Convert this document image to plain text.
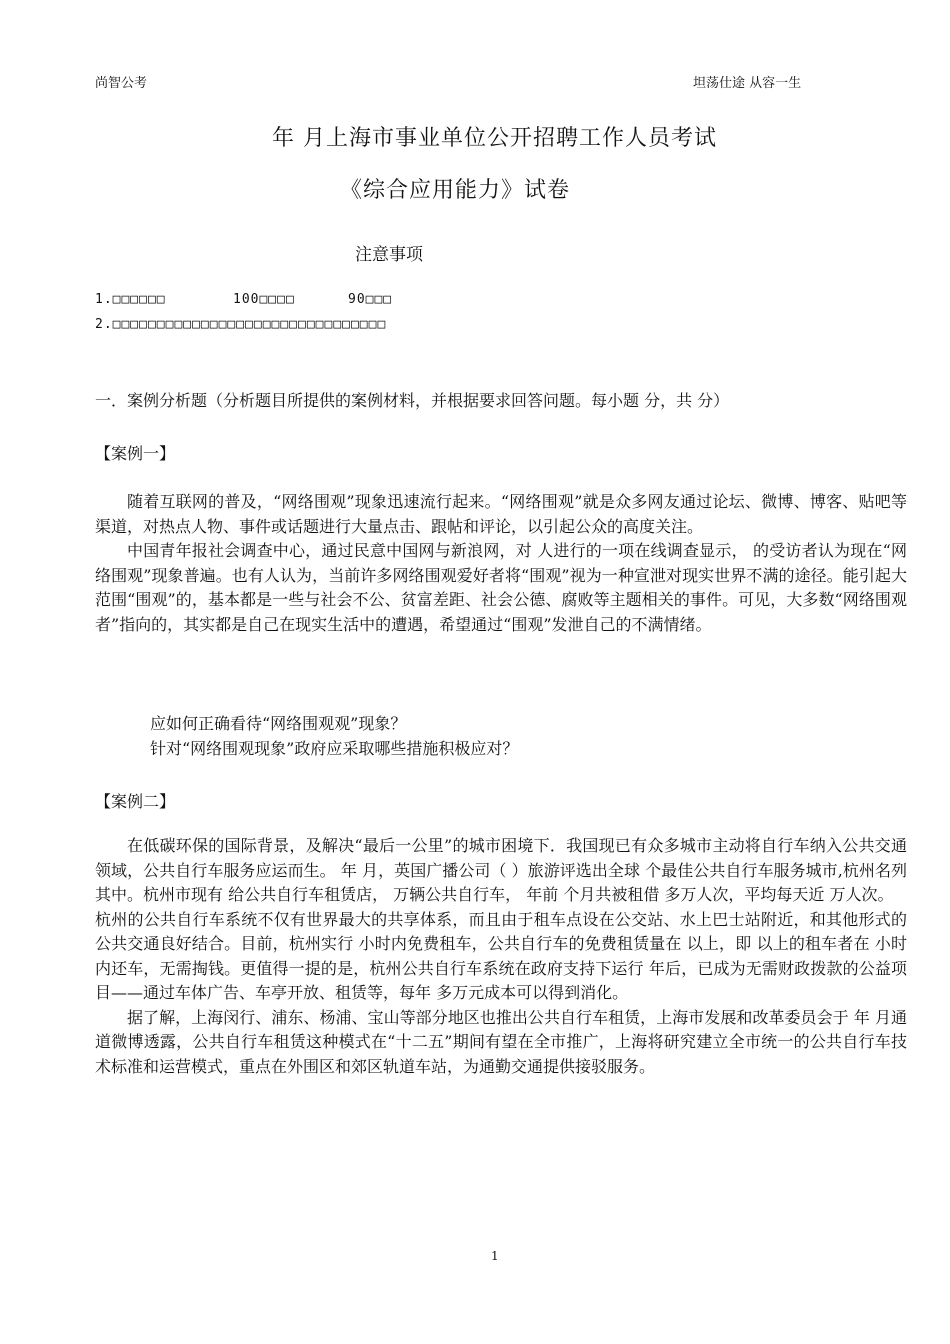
尚智公考	坦荡仕途 从容一生
年 月上海市事业单位公开招聘工作人员考试
《综合应用能力》试卷
注意事项
1.□□□□□□	100□□□□	90□□□
2.□□□□□□□□□□□□□□□□□□□□□□□□□□□□□□□
一．案例分析题（分析题目所提供的案例材料，并根据要求回答问题。每小题 分，共 分）
【案例一】

随着互联网的普及，“网络围观”现象迅速流行起来。“网络围观”就是众多网友通过论坛、微博、博客、贴吧等渠道，对热点人物、事件或话题进行大量点击、跟帖和评论，以引起公众的高度关注。

中国青年报社会调查中心，通过民意中国网与新浪网，对 人进行的一项在线调查显示， 的受访者认为现在“网络围观”现象普遍。也有人认为，当前许多网络围观爱好者将“围观”视为一种宣泄对现实世界不满的途径。能引起大范围“围观”的，基本都是一些与社会不公、贫富差距、社会公德、腐败等主题相关的事件。可见，大多数“网络围观者”指向的，其实都是自己在现实生活中的遭遇，希望通过“围观”发泄自己的不满情绪。

应如何正确看待“网络围观观”现象？
针对“网络围观现象”政府应采取哪些措施积极应对？
【案例二】

在低碳环保的国际背景，及解决“最后一公里”的城市困境下．我国现已有众多城市主动将自行车纳入公共交通领域，公共自行车服务应运而生。 年 月，英国广播公司（ ）旅游评选出全球 个最佳公共自行车服务城市,杭州名列其中。杭州市现有 给公共自行车租赁店， 万辆公共自行车， 年前 个月共被租借 多万人次，平均每天近 万人次。

杭州的公共自行车系统不仅有世界最大的共享体系，而且由于租车点设在公交站、水上巴士站附近，和其他形式的公共交通良好结合。目前，杭州实行 小时内免费租车，公共自行车的免费租赁量在 以上，即 以上的租车者在 小时内还车，无需掏钱。更值得一提的是，杭州公共自行车系统在政府支持下运行 年后，已成为无需财政拨款的公益项目——通过车体广告、车亭开放、租赁等，每年 多万元成本可以得到消化。

据了解，上海闵行、浦东、杨浦、宝山等部分地区也推出公共自行车租赁，上海市发展和改革委员会于 年 月通道微博透露，公共自行车租赁这种模式在“十二五”期间有望在全市推广，上海将研究建立全市统一的公共自行车技术标准和运营模式，重点在外围区和郊区轨道车站，为通勤交通提供接驳服务。

1
